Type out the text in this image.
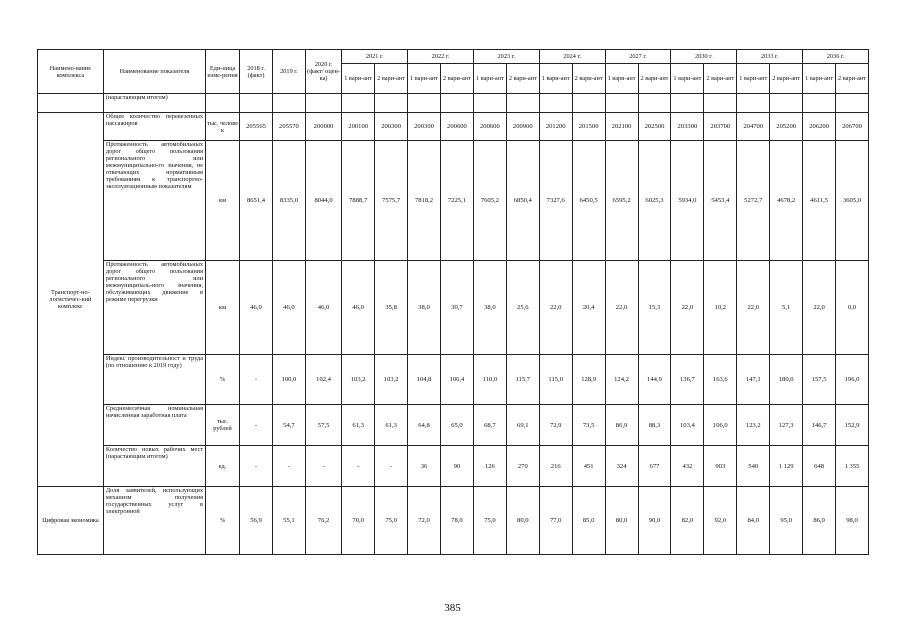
Наимено-вание комплекса	Наименование показателя	Еди-ница изме-рения	2018 г. (факт)	2019 г.	2020 г. (факт/ оцен-ка)	2021 г.		2022 г.		2023 г.		2024 г.		2027 г.		2030 г.		2033 г.		2036 г.	
						1 вари-ант	2 вари-ант	1 вари-ант	2 вари-ант	1 вари-ант	2 вари-ант	1 вари-ант	2 вари-ант	1 вари-ант	2 вари-ант	1 вари-ант	2 вари-ант	1 вари-ант	2 вари-ант	1 вари-ант	2 вари-ант
	(нарастающим итогом)																				
Транспорт-но-логистичес-кий комплекс	Общее количество перевезенных пассажиров	тыс. челове к	205565	205570	200000	200100	200300	200300	200600	200600	200900	201200	201500	202100	202500	203300	203700	204700	205200	206200	206700
	Протяженность автомобильных дорог общего пользования регионального или межмуниципально-го значения, не отвечающих нормативным требованиям к транспортно-эксплуатационным показателям	км	8651,4	8335,0	8044,0	7888,7	7575,7	7818,2	7225,1	7605,2	6850,4	7327,6	6450,5	6595,2	6025,3	5934,0	5453,4	5272,7	4678,2	4611,5	3605,0
	Протяженность автомобильных дорог общего пользования регионального или межмуниципаль-ного значения, обслуживающих движение в режиме перегрузки	км	46,0	46,0	46,0	46,0	35,8	38,0	30,7	38,0	25,6	22,0	20,4	22,0	15,3	22,0	10,2	22,0	5,1	22,0	0,0
	Индекс производительност и труда (по отношению к 2019 году)	%	-	100,0	102,4	103,2	103,2	104,8	106,4	110,0	115,7	115,0	128,9	124,2	144,9	136,7	163,6	147,1	180,0	157,5	196,0
	Среднемесячная номинальная начисленная заработная плата	тыс. рублей	-	54,7	57,5	61,3	61,3	64,8	65,0	68,7	69,1	72,9	73,5	86,9	88,3	103,4	106,0	123,2	127,3	146,7	152,9
	Количество новых рабочих мест (нарастающим итогом)	ед.	-	-	-	-	-	36	90	126	270	216	451	324	677	432	903	540	1 129	648	1 355
Цифровая экономика	Доля заявителей, использующих механизм получения государственных услуг в электронной	%	56,9	55,1	76,2	70,0	75,0	72,0	78,0	75,0	80,0	77,0	85,0	80,0	90,0	82,0	92,0	84,0	95,0	86,0	98,0
385
